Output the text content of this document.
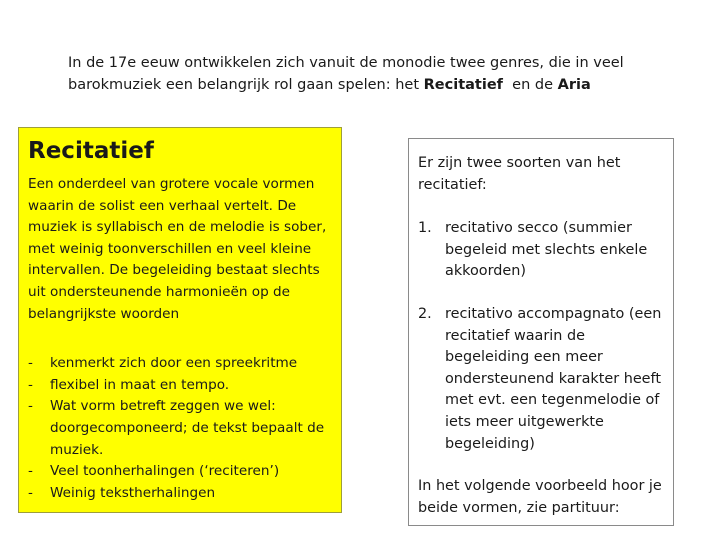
In de 17e eeuw ontwikkelen zich vanuit de monodie twee genres, die in veel barokmuziek een belangrijk rol gaan spelen: het Recitatief  en de Aria

Recitatief

Een onderdeel van grotere vocale vormen waarin de solist een verhaal vertelt. De muziek is syllabisch en de melodie is sober, met weinig toonverschillen en veel kleine intervallen. De begeleiding bestaat slechts uit ondersteunende harmonieën op de belangrijkste woorden

- kenmerkt zich door een spreekritme
- flexibel in maat en tempo.
- Wat vorm betreft zeggen we wel: doorgecomponeerd; de tekst bepaalt de muziek.
- Veel toonherhalingen (‘reciteren’)
- Weinig tekstherhalingen

Er zijn twee soorten van het recitatief:

1. recitativo secco (summier begeleid met slechts enkele akkoorden)
2. recitativo accompagnato (een recitatief waarin de begeleiding een meer ondersteunend karakter heeft met evt. een tegenmelodie of iets meer uitgewerkte begeleiding)

In het volgende voorbeeld hoor je beide vormen, zie partituur:
